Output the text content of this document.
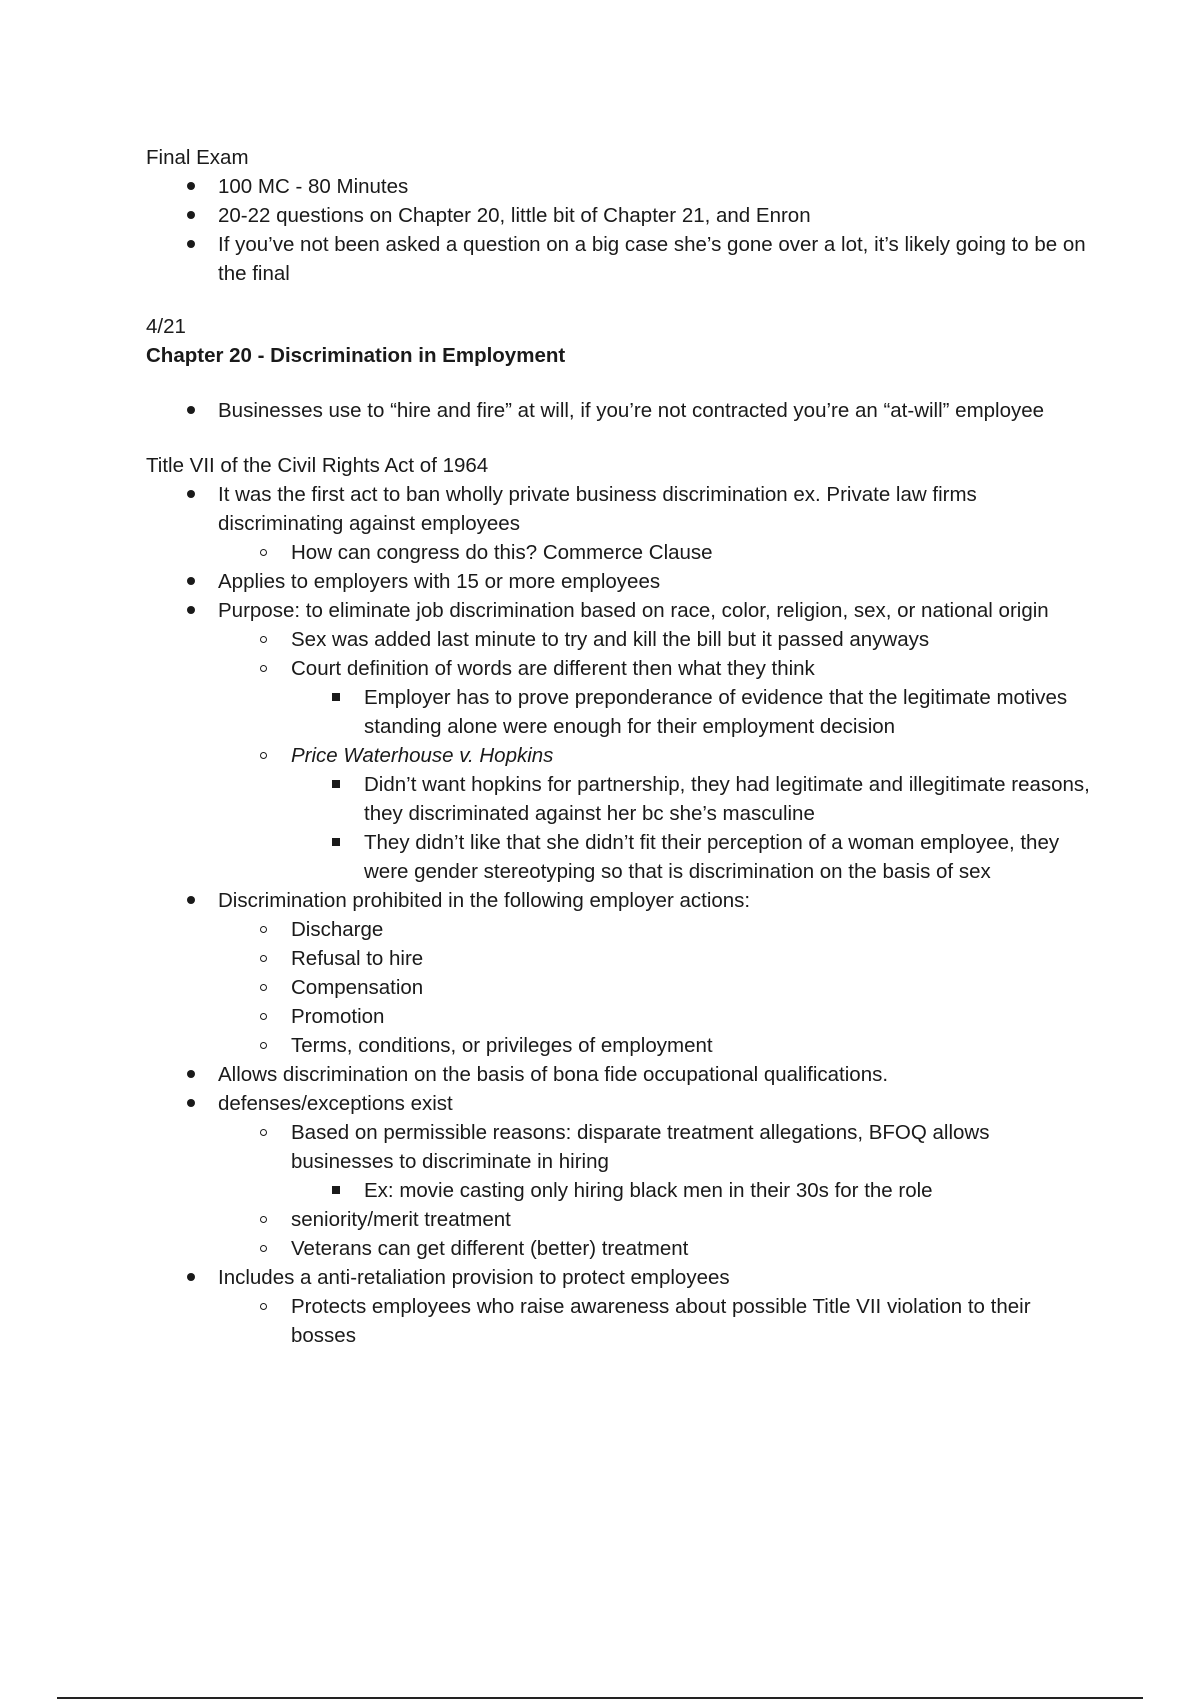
Final Exam

100 MC - 80 Minutes
20-22 questions on Chapter 20, little bit of Chapter 21, and Enron
If you’ve not been asked a question on a big case she’s gone over a lot, it’s likely going to be on the final

4/21

Chapter 20 - Discrimination in Employment

Businesses use to “hire and fire” at will, if you’re not contracted you’re an “at-will” employee

Title VII of the Civil Rights Act of 1964

It was the first act to ban wholly private business discrimination ex. Private law firms discriminating against employees
How can congress do this? Commerce Clause
Applies to employers with 15 or more employees
Purpose: to eliminate job discrimination based on race, color, religion, sex, or national origin
Sex was added last minute to try and kill the bill but it passed anyways
Court definition of words are different then what they think
Employer has to prove preponderance of evidence that the legitimate motives standing alone were enough for their employment decision
Price Waterhouse v. Hopkins
Didn’t want hopkins for partnership, they had legitimate and illegitimate reasons, they discriminated against her bc she’s masculine
They didn’t like that she didn’t fit their perception of a woman employee, they were gender stereotyping so that is discrimination on the basis of sex
Discrimination prohibited in the following employer actions:
Discharge
Refusal to hire
Compensation
Promotion
Terms, conditions, or privileges of employment
Allows discrimination on the basis of bona fide occupational qualifications.
defenses/exceptions exist
Based on permissible reasons: disparate treatment allegations, BFOQ allows businesses to discriminate in hiring
Ex: movie casting only hiring black men in their 30s for the role
seniority/merit treatment
Veterans can get different (better) treatment
Includes a anti-retaliation provision to protect employees
Protects employees who raise awareness about possible Title VII violation to their bosses
